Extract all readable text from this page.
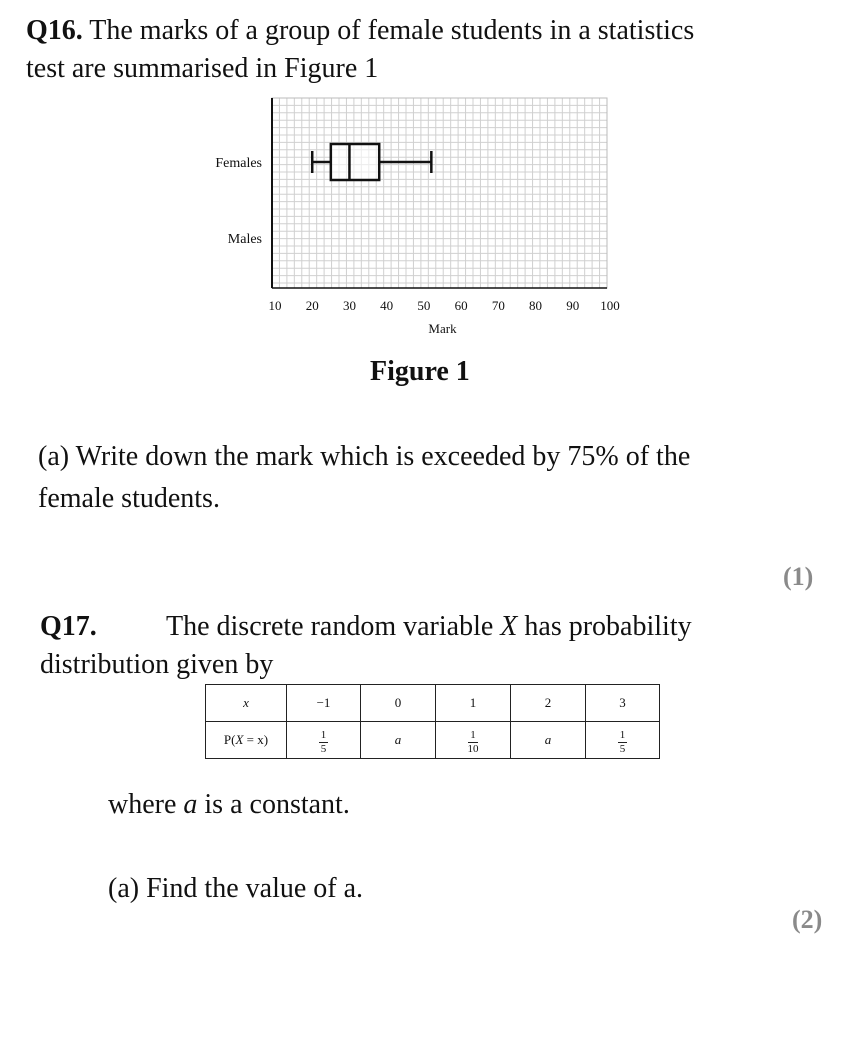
Q16. The marks of a group of female students in a statistics

test are summarised in Figure 1

10 20 30 40 50 60 70 80 90 100
Mark
Females
Males

Figure 1

(a) Write down the mark which is exceeded by 75% of the

female students.

(1)

Q17. The discrete random variable X has probability

distribution given by

x	−1	0	1	2	3
P(X = x)	$\frac{1}{5}$	a	$\frac{1}{10}$	a	$\frac{1}{5}$

where a is a constant.

(a) Find the value of a.

(2)
